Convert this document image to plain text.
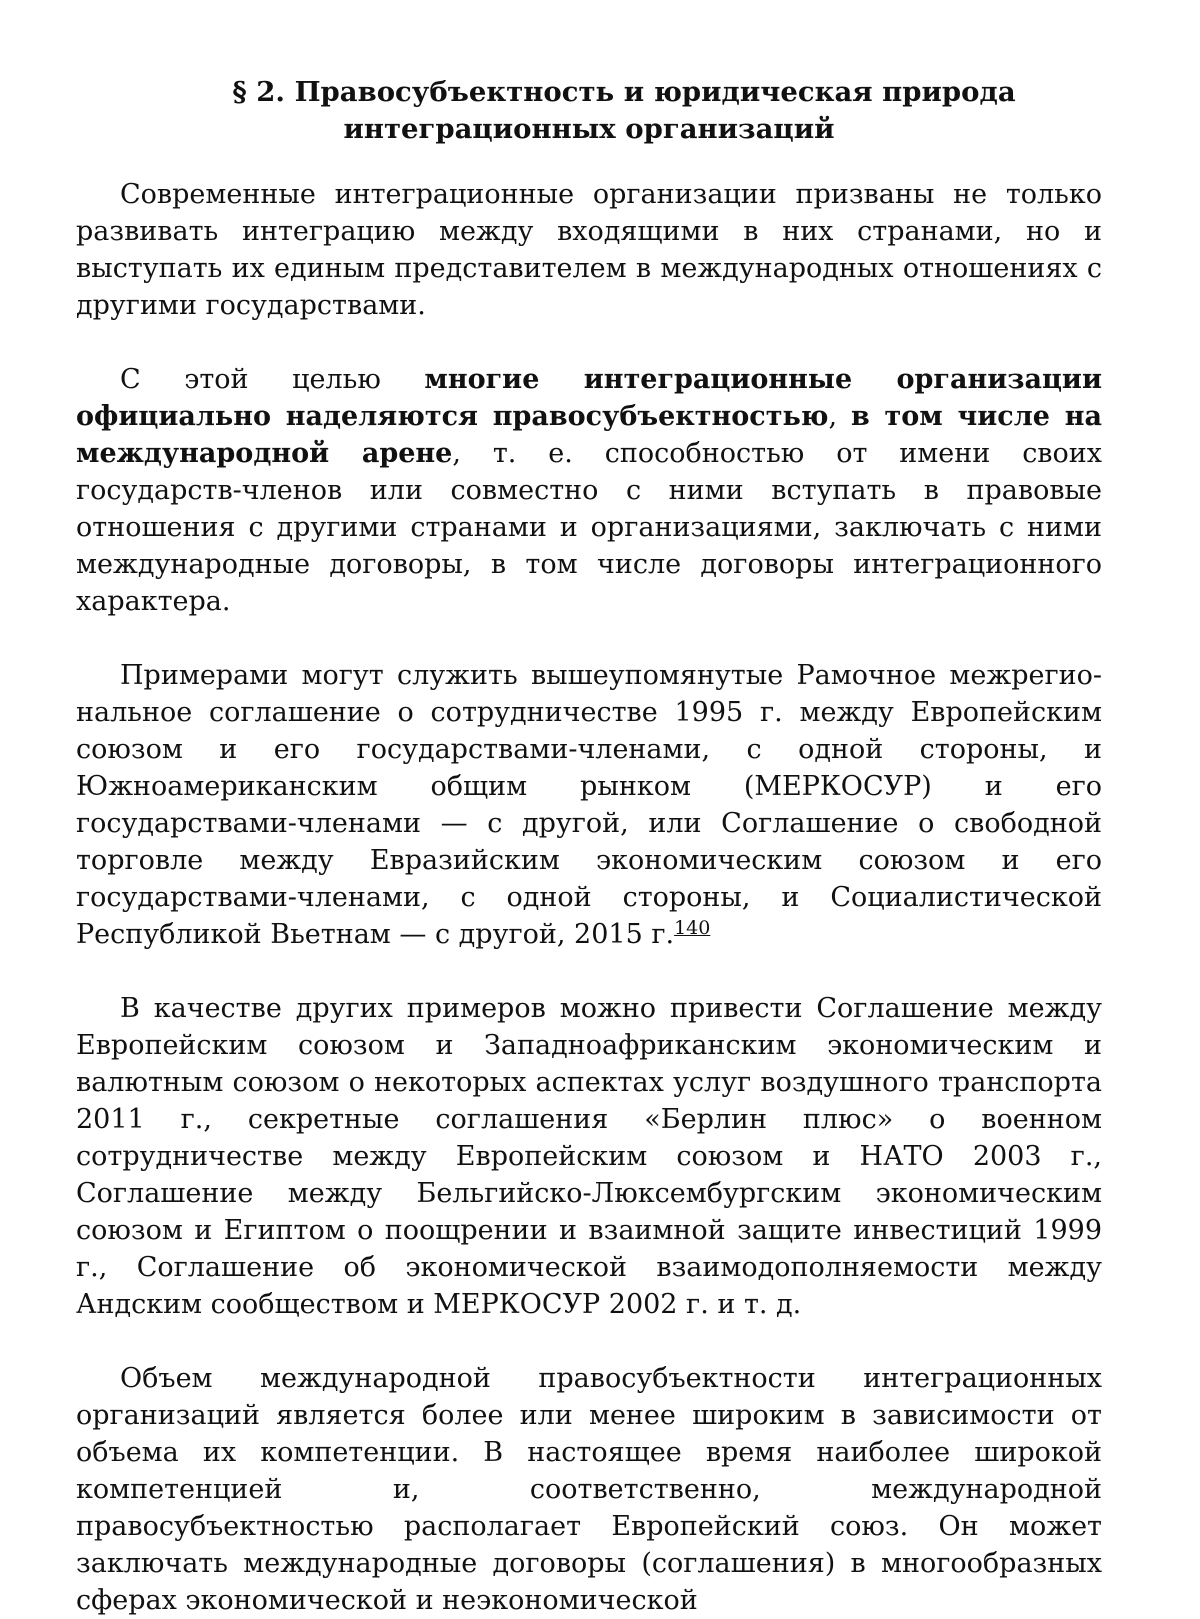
§ 2. Правосубъектность и юридическая природа
интеграционных организаций

Современные интеграционные организации призваны не только развивать интеграцию между входящими в них странами, но и выступать их единым представителем в международных отношениях с другими государствами.

С этой целью многие интеграционные организации официально наделяются правосубъектностью, в том числе на международной арене, т. е. способностью от имени своих государств-членов или совместно с ними вступать в правовые отношения с другими странами и организациями, заключать с ними международные договоры, в том числе договоры интеграционного характера.

Примерами могут служить вышеупомянутые Рамочное межрегиональное соглашение о сотрудничестве 1995 г. между Европейским союзом и его государствами-членами, с одной стороны, и Южноамериканским общим рынком (МЕРКОСУР) и его государствами-членами — с другой, или Соглашение о свободной торговле между Евразийским экономическим союзом и его государствами-членами, с одной стороны, и Социалистической Республикой Вьетнам — с другой, 2015 г.$^{140}$

В качестве других примеров можно привести Соглашение между Европейским союзом и Западноафриканским экономическим и валютным союзом о некоторых аспектах услуг воздушного транспорта 2011 г., секретные соглашения «Берлин плюс» о военном сотрудничестве между Европейским союзом и НАТО 2003 г., Соглашение между Бельгийско-Люксембургским экономическим союзом и Египтом о поощрении и взаимной защите инвестиций 1999 г., Соглашение об экономической взаимодополняемости между Андским сообществом и МЕРКОСУР 2002 г. и т. д.

Объем международной правосубъектности интеграционных организаций является более или менее широким в зависимости от объема их компетенции. В настоящее время наиболее широкой компетенцией и, соответственно, международной правосубъектностью располагает Европейский союз. Он может заключать международные договоры (соглашения) в многообразных сферах экономической и неэкономической
